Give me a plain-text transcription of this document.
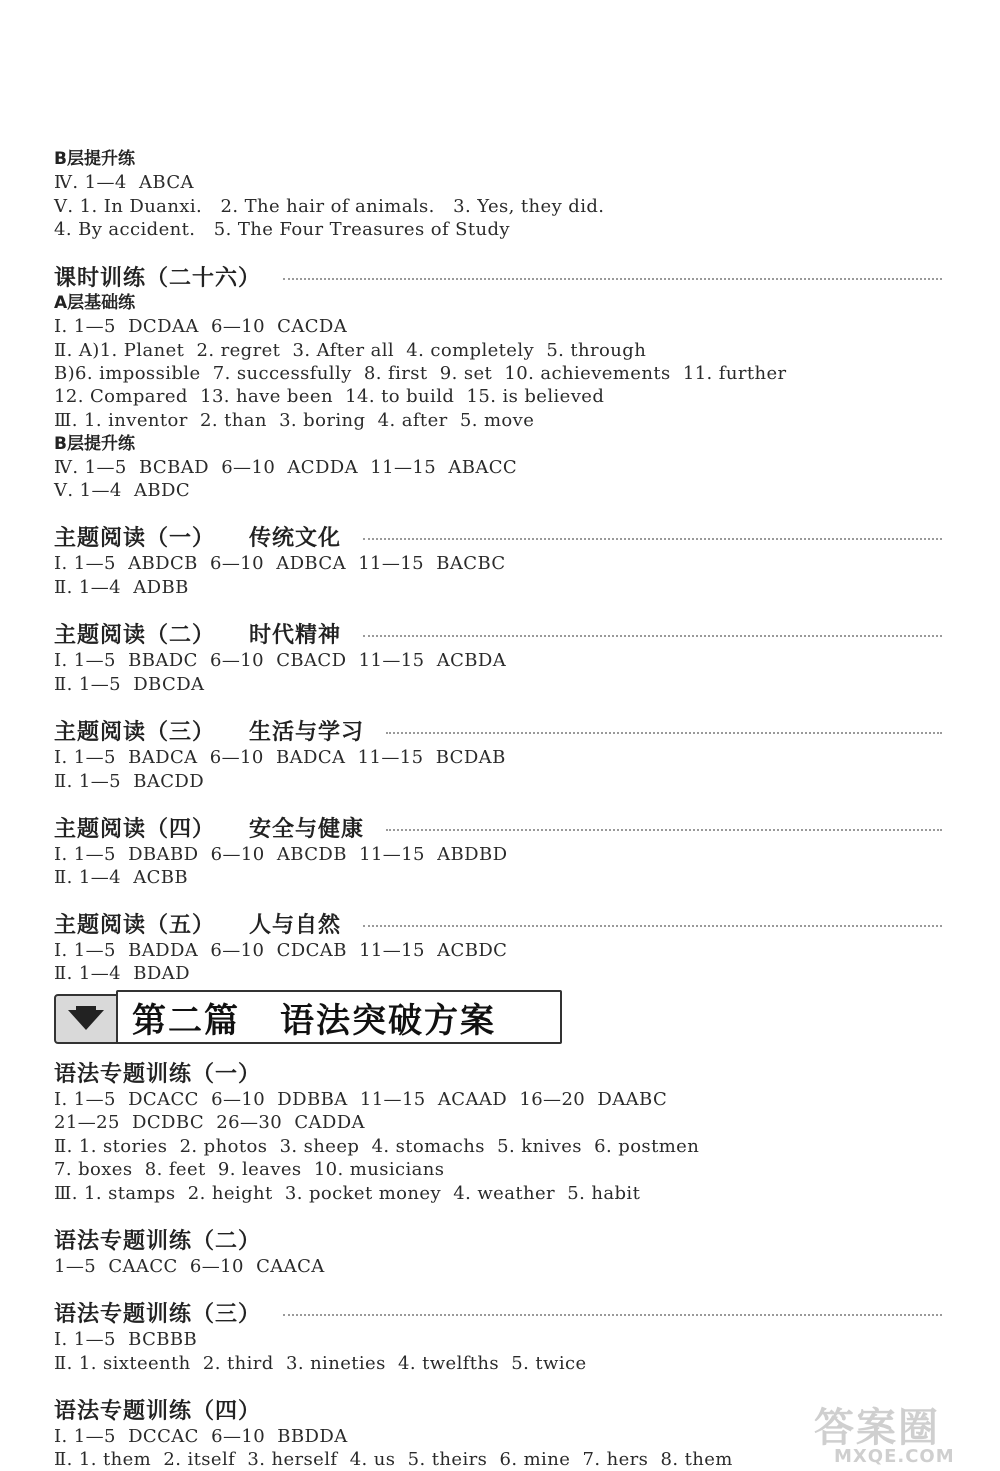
B层提升练
Ⅳ. 1—4  ABCA
Ⅴ. 1. In Duanxi.   2. The hair of animals.   3. Yes, they did.
4. By accident.   5. The Four Treasures of Study
课时训练（二十六）
A层基础练
Ⅰ. 1—5  DCDAA  6—10  CACDA
Ⅱ. A)1. Planet  2. regret  3. After all  4. completely  5. through
B)6. impossible  7. successfully  8. first  9. set  10. achievements  11. further
12. Compared  13. have been  14. to build  15. is believed
Ⅲ. 1. inventor  2. than  3. boring  4. after  5. move
B层提升练
Ⅳ. 1—5  BCBAD  6—10  ACDDA  11—15  ABACC
Ⅴ. 1—4  ABDC
主题阅读（一） 传统文化
Ⅰ. 1—5  ABDCB  6—10  ADBCA  11—15  BACBC
Ⅱ. 1—4  ADBB
主题阅读（二） 时代精神
Ⅰ. 1—5  BBADC  6—10  CBACD  11—15  ACBDA
Ⅱ. 1—5  DBCDA
主题阅读（三） 生活与学习
Ⅰ. 1—5  BADCA  6—10  BADCA  11—15  BCDAB
Ⅱ. 1—5  BACDD
主题阅读（四） 安全与健康
Ⅰ. 1—5  DBABD  6—10  ABCDB  11—15  ABDBD
Ⅱ. 1—4  ACBB
主题阅读（五） 人与自然
Ⅰ. 1—5  BADDA  6—10  CDCAB  11—15  ACBDC
Ⅱ. 1—4  BDAD
第二篇 语法突破方案
语法专题训练（一）
Ⅰ. 1—5  DCACC  6—10  DDBBA  11—15  ACAAD  16—20  DAABC
21—25  DCDBC  26—30  CADDA
Ⅱ. 1. stories  2. photos  3. sheep  4. stomachs  5. knives  6. postmen
7. boxes  8. feet  9. leaves  10. musicians
Ⅲ. 1. stamps  2. height  3. pocket money  4. weather  5. habit
语法专题训练（二）
1—5  CAACC  6—10  CAACA
语法专题训练（三）
Ⅰ. 1—5  BCBBB
Ⅱ. 1. sixteenth  2. third  3. nineties  4. twelfths  5. twice
语法专题训练（四）
Ⅰ. 1—5  DCCAC  6—10  BBDDA
Ⅱ. 1. them  2. itself  3. herself  4. us  5. theirs  6. mine  7. hers  8. them
答案圈
MXQE.COM
